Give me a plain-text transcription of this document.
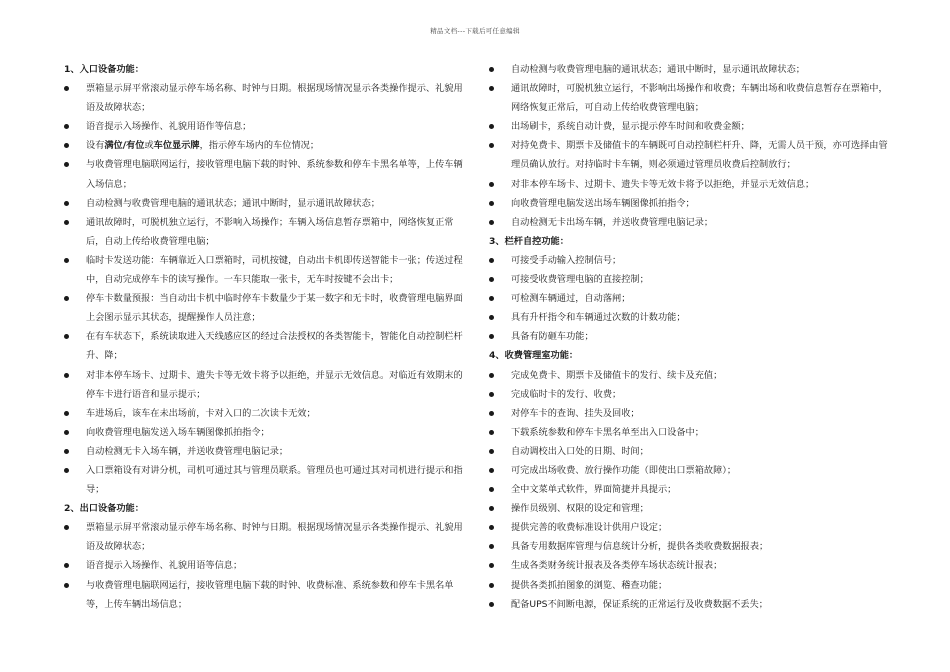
精品文档---下载后可任意编辑
1、入口设备功能：
票箱显示屏平常滚动显示停车场名称、时钟与日期。根据现场情况显示各类操作提示、礼貌用语及故障状态；
语音提示入场操作、礼貌用语作等信息；
设有满位/有位或车位显示牌，指示停车场内的车位情况；
与收费管理电脑联网运行，接收管理电脑下载的时钟、系统参数和停车卡黑名单等，上传车辆入场信息；
自动检测与收费管理电脑的通讯状态；通讯中断时，显示通讯故障状态；
通讯故障时，可脱机独立运行，不影响入场操作；车辆入场信息暂存票箱中，网络恢复正常后，自动上传给收费管理电脑；
临时卡发送功能：车辆靠近入口票箱时，司机按键，自动出卡机即传送智能卡一张；传送过程中，自动完成停车卡的读写操作。一车只能取一张卡，无车时按键不会出卡；
停车卡数量预报：当自动出卡机中临时停车卡数量少于某一数字和无卡时，收费管理电脑界面上会图示显示其状态，提醒操作人员注意；
在有车状态下，系统读取进入天线感应区的经过合法授权的各类智能卡，智能化自动控制栏杆升、降；
对非本停车场卡、过期卡、遗失卡等无效卡将予以拒绝，并显示无效信息。对临近有效期末的停车卡进行语音和显示提示；
车进场后，该车在未出场前，卡对入口的二次读卡无效；
向收费管理电脑发送入场车辆图像抓拍指令；
自动检测无卡入场车辆，并送收费管理电脑记录；
入口票箱设有对讲分机，司机可通过其与管理员联系。管理员也可通过其对司机进行提示和指导；
2、出口设备功能：
票箱显示屏平常滚动显示停车场名称、时钟与日期。根据现场情况显示各类操作提示、礼貌用语及故障状态；
语音提示入场操作、礼貌用语等信息；
与收费管理电脑联网运行，接收管理电脑下载的时钟、收费标准、系统参数和停车卡黑名单等，上传车辆出场信息；
自动检测与收费管理电脑的通讯状态；通讯中断时，显示通讯故障状态；
通讯故障时，可脱机独立运行，不影响出场操作和收费；车辆出场和收费信息暂存在票箱中，网络恢复正常后，可自动上传给收费管理电脑；
出场刷卡，系统自动计费，显示提示停车时间和收费金额；
对持免费卡、期票卡及储值卡的车辆既可自动控制栏杆升、降，无需人员干预，亦可选择由管理员确认放行。对持临时卡车辆，则必须通过管理员收费后控制放行；
对非本停车场卡、过期卡、遗失卡等无效卡将予以拒绝，并显示无效信息；
向收费管理电脑发送出场车辆图像抓拍指令；
自动检测无卡出场车辆，并送收费管理电脑记录；
3、栏杆自控功能：
可接受手动输入控制信号；
可接受收费管理电脑的直接控制；
可检测车辆通过，自动落闸；
具有升杆指令和车辆通过次数的计数功能；
具备有防砸车功能；
4、收费管理室功能：
完成免费卡、期票卡及储值卡的发行、续卡及充值；
完成临时卡的发行、收费；
对停车卡的查询、挂失及回收；
下载系统参数和停车卡黑名单至出入口设备中；
自动调校出入口处的日期、时间；
可完成出场收费、放行操作功能（即使出口票箱故障）；
全中文菜单式软件，界面简捷并具提示；
操作员级别、权限的设定和管理；
提供完善的收费标准设计供用户设定；
具备专用数据库管理与信息统计分析，提供各类收费数据报表；
生成各类财务统计报表及各类停车场状态统计报表；
提供各类抓拍图象的浏览、稽查功能；
配备UPS不间断电源，保证系统的正常运行及收费数据不丢失；
